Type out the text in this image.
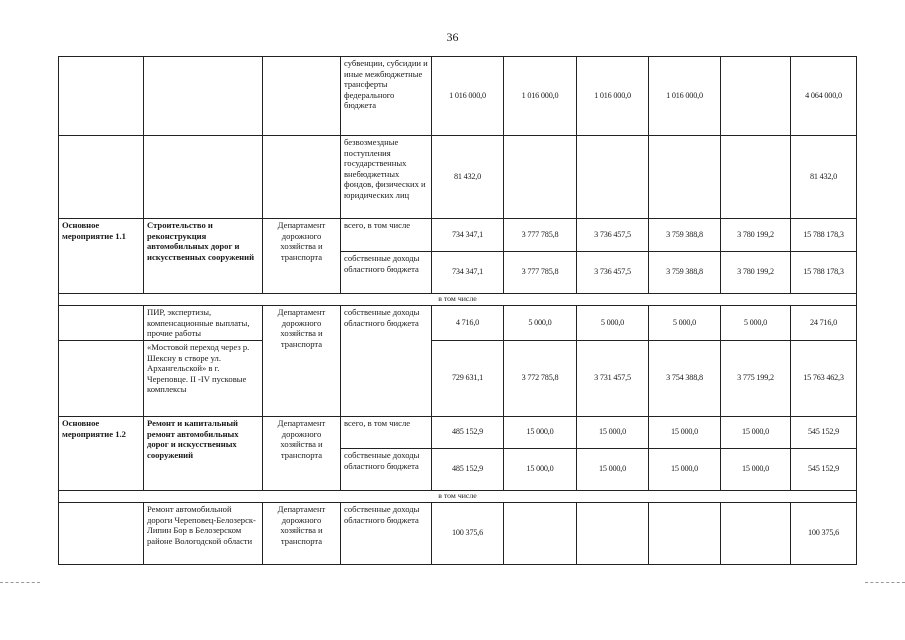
36
			субвенции, субсидии и иные межбюджетные трансферты федерального бюджета	1 016 000,0	1 016 000,0	1 016 000,0	1 016 000,0		4 064 000,0
			безвозмездные поступления государственных внебюджетных фондов, физических и юридических лиц	81 432,0					81 432,0
Основное мероприятие 1.1	Строительство и реконструкция автомобильных дорог и искусственных сооружений	Департамент дорожного хозяйства и транспорта	всего, в том числе	734 347,1	3 777 785,8	3 736 457,5	3 759 388,8	3 780 199,2	15 788 178,3
			собственные доходы областного бюджета	734 347,1	3 777 785,8	3 736 457,5	3 759 388,8	3 780 199,2	15 788 178,3
в том числе									
	ПИР, экспертизы, компенсационные выплаты, прочие работы	Департамент дорожного хозяйства и транспорта	собственные доходы областного бюджета	4 716,0	5 000,0	5 000,0	5 000,0	5 000,0	24 716,0
	«Мостовой переход через р. Шексну в створе ул. Архангельской» в г. Череповце. II -IV пусковые комплексы			729 631,1	3 772 785,8	3 731 457,5	3 754 388,8	3 775 199,2	15 763 462,3
Основное мероприятие 1.2	Ремонт и капитальный ремонт автомобильных дорог и искусственных сооружений	Департамент дорожного хозяйства и транспорта	всего, в том числе	485 152,9	15 000,0	15 000,0	15 000,0	15 000,0	545 152,9
			собственные доходы областного бюджета	485 152,9	15 000,0	15 000,0	15 000,0	15 000,0	545 152,9
в том числе									
	Ремонт автомобильной дороги Череповец-Белозерск-Липин Бор в Белозерском районе Вологодской области	Департамент дорожного хозяйства и транспорта	собственные доходы областного бюджета	100 375,6					100 375,6
